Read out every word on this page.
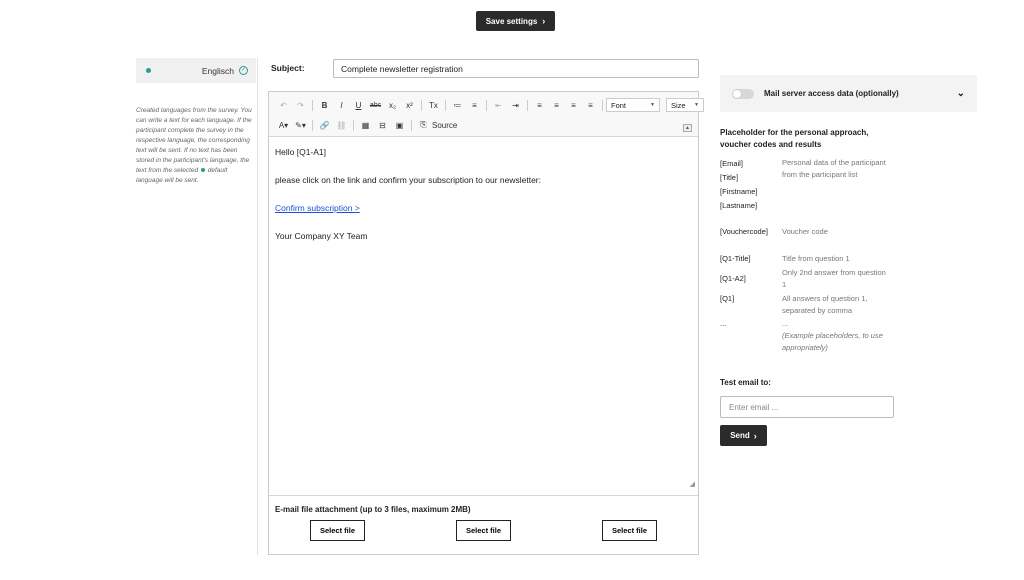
Save settings ›
Englisch	✓
Created languages from the survey. You can write a text for each language. If the participant complete the survey in the respective language, the corresponding text will be sent. If no text has been stored in the participant's language, the text from the selected default language will be sent.
Subject:
Complete newsletter registration
↶	↷	B	I	U	abc x₂	x²	Tx	≔	≡	⇤	⇥	≡	≡	≡	≡	Font	▼ Size ▼
A▾ ✎▾	🔗 ⛓	▦	⊟	▣	⎘ Source	▲

Hello [Q1-A1]

please click on the link and confirm your subscription to our newsletter:

Confirm subscription >

Your Company XY Team

◢
E-mail file attachment (up to 3 files, maximum 2MB)
Select file	Select file	Select file
Mail server access data (optionally)	⌄
Placeholder for the personal approach, voucher codes and results
[Email]
[Title]
[Firstname]
[Lastname]
Personal data of the participant from the participant list
[Vouchercode] Voucher code
[Q1-Title]	Title from question 1
[Q1-A2]
Only 2nd answer from question 1
[Q1]	All answers of question 1, separated by comma
...	...
(Example placeholders, to use appropriately)
Test email to:
Enter email ...
Send ›
